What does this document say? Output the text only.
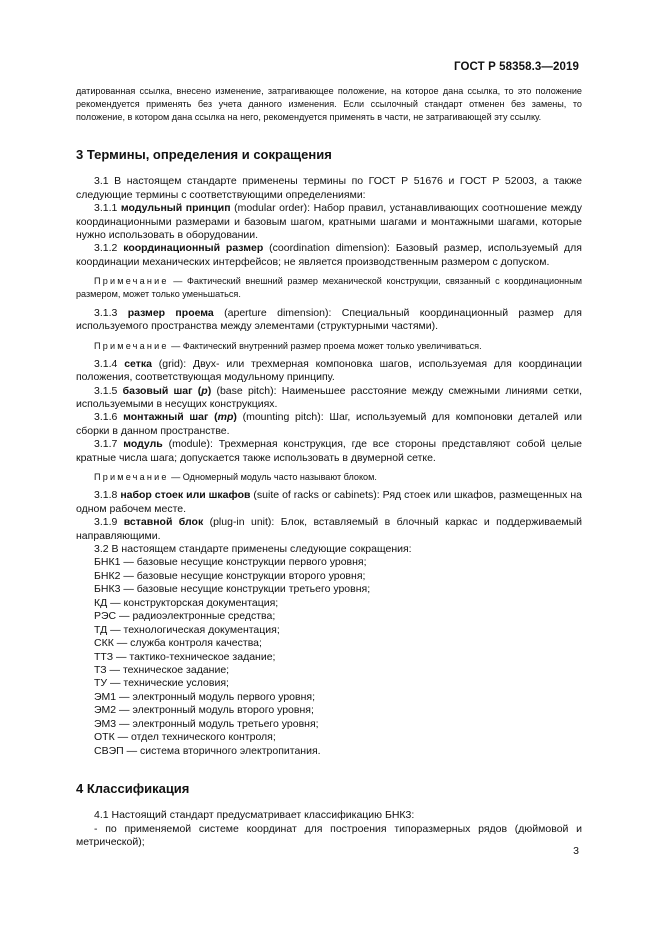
ГОСТ Р 58358.3—2019

датированная ссылка, внесено изменение, затрагивающее положение, на которое дана ссылка, то это положение рекомендуется применять без учета данного изменения. Если ссылочный стандарт отменен без замены, то положение, в котором дана ссылка на него, рекомендуется применять в части, не затрагивающей эту ссылку.

3 Термины, определения и сокращения

3.1 В настоящем стандарте применены термины по ГОСТ Р 51676 и ГОСТ Р 52003, а также следующие термины с соответствующими определениями:

3.1.1 модульный принцип (modular order): Набор правил, устанавливающих соотношение между координационными размерами и базовым шагом, кратными шагами и монтажными шагами, которые нужно использовать в оборудовании.

3.1.2 координационный размер (coordination dimension): Базовый размер, используемый для координации механических интерфейсов; не является производственным размером с допуском.

Примечание — Фактический внешний размер механической конструкции, связанный с координационным размером, может только уменьшаться.

3.1.3 размер проема (aperture dimension): Специальный координационный размер для используемого пространства между элементами (структурными частями).

Примечание — Фактический внутренний размер проема может только увеличиваться.

3.1.4 сетка (grid): Двух- или трехмерная компоновка шагов, используемая для координации положения, соответствующая модульному принципу.

3.1.5 базовый шаг (p) (base pitch): Наименьшее расстояние между смежными линиями сетки, используемыми в несущих конструкциях.

3.1.6 монтажный шаг (mp) (mounting pitch): Шаг, используемый для компоновки деталей или сборки в данном пространстве.

3.1.7 модуль (module): Трехмерная конструкция, где все стороны представляют собой целые кратные числа шага; допускается также использовать в двумерной сетке.

Примечание — Одномерный модуль часто называют блоком.

3.1.8 набор стоек или шкафов (suite of racks or cabinets): Ряд стоек или шкафов, размещенных на одном рабочем месте.

3.1.9 вставной блок (plug-in unit): Блок, вставляемый в блочный каркас и поддерживаемый направляющими.

3.2 В настоящем стандарте применены следующие сокращения:

БНК1 — базовые несущие конструкции первого уровня;

БНК2 — базовые несущие конструкции второго уровня;

БНК3 — базовые несущие конструкции третьего уровня;

КД — конструкторская документация;

РЭС — радиоэлектронные средства;

ТД — технологическая документация;

СКК — служба контроля качества;

ТТЗ — тактико-техническое задание;

ТЗ — техническое задание;

ТУ — технические условия;

ЭМ1 — электронный модуль первого уровня;

ЭМ2 — электронный модуль второго уровня;

ЭМ3 — электронный модуль третьего уровня;

ОТК — отдел технического контроля;

СВЭП — система вторичного электропитания.

4 Классификация

4.1 Настоящий стандарт предусматривает классификацию БНК3:

- по применяемой системе координат для построения типоразмерных рядов (дюймовой и метрической);

3
